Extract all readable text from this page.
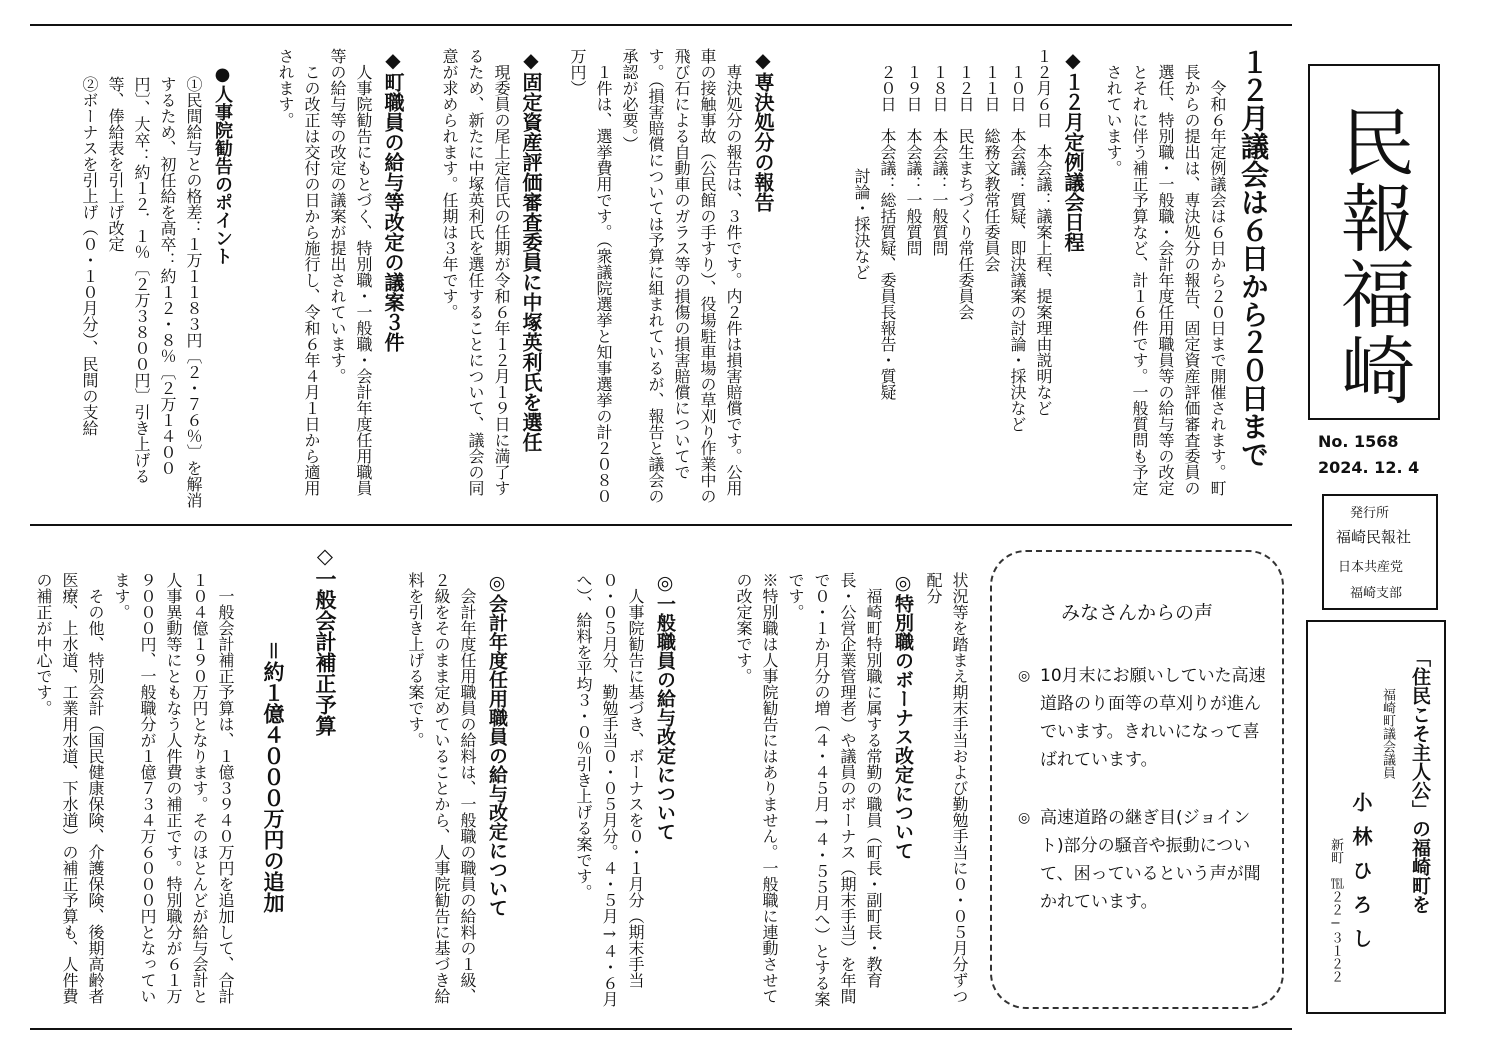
民報福崎
No. 1568
2024. 12. 4
発行所
福崎民報社
日本共産党
福崎支部
「住民こそ主人公」の福崎町を
福崎町議会議員
小林ひろし
新町　℡２２−３１２２
１２月議会は６日から２０日まで

令和６年定例議会は６日から２０日まで開催されます。町長からの提出は、専決処分の報告、固定資産評価審査委員の選任、特別職・一般職・会計年度任用職員等の給与等の改定とそれに伴う補正予算など、計１６件です。一般質問も予定されています。

◆１２月定例議会日程

１２月６日　本会議：議案上程、提案理由説明など

１０日　本会議：質疑、即決議案の討論・採決など

１１日　総務文教常任委員会

１２日　民生まちづくり常任委員会

１８日　本会議：一般質問

１９日　本会議：一般質問

２０日　本会議：総括質疑、委員長報告・質疑

討論・採決など

◆専決処分の報告

専決処分の報告は、３件です。内２件は損害賠償です。公用車の接触事故（公民館の手すり）、役場駐車場の草刈り作業中の飛び石による自動車のガラス等の損傷の損害賠償についてです。（損害賠償については予算に組まれているが、報告と議会の承認が必要。）

１件は、選挙費用です。（衆議院選挙と知事選挙の計２０８０万円）

◆固定資産評価審査委員に中塚英利氏を選任

現委員の尾上定信氏の任期が令和６年１２月１９日に満了するため、新たに中塚英利氏を選任することについて、議会の同意が求められます。任期は３年です。

◆町職員の給与等改定の議案３件

人事院勧告にもとづく、特別職・一般職・会計年度任用職員等の給与等の改定の議案が提出されています。

この改正は交付の日から施行し、令和６年４月１日から適用されます。

●人事院勧告のポイント

①民間給与との格差：１万１１８３円〔２・７６％〕を解消するため、初任給を高卒：約１２・８％〔２万１４００円〕、大卒：約１２．１％〔２万３８００円〕引き上げる等、俸給表を引上げ改定

②ボーナスを引上げ（０・１０月分）、民間の支給

状況等を踏まえ期末手当および勤勉手当に０・０５月分ずつ配分

◎特別職のボーナス改定について

福崎町特別職に属する常勤の職員（町長・副町長・教育長・公営企業管理者）や議員のボーナス（期末手当）を年間で０・１か月分の増（４・４５月→４・５５月へ）とする案です。

※特別職は人事院勧告にはありません。一般職に連動させての改定案です。

◎一般職員の給与改定について

人事院勧告に基づき、ボーナスを０・１月分（期末手当０・０５月分、勤勉手当０・０５月分。４・５月→４・６月へ）、給料を平均３・０％引き上げる案です。

◎会計年度任用職員の給与改定について

会計年度任用職員の給料は、一般職の職員の給料の１級、２級をそのまま定めていることから、人事院勧告に基づき給料を引き上げる案です。

◇一般会計補正予算
＝約１億４０００万円の追加

一般会計補正予算は、１億３９４０万円を追加して、合計１０４億１９０万円となります。そのほとんどが給与会計と人事異動等にともなう人件費の補正です。特別職分が６１万９０００円、一般職分が１億７３４万６０００円となっています。

その他、特別会計（国民健康保険、介護保険、後期高齢者医療、上水道、工業用水道、下水道）の補正予算も、人件費の補正が中心です。	みなさんからの声
◎ 10月末にお願いしていた高速道路のり面等の草刈りが進んでいます。きれいになって喜ばれています。
◎ 高速道路の継ぎ目(ジョイント)部分の騒音や振動について、困っているという声が聞かれています。
